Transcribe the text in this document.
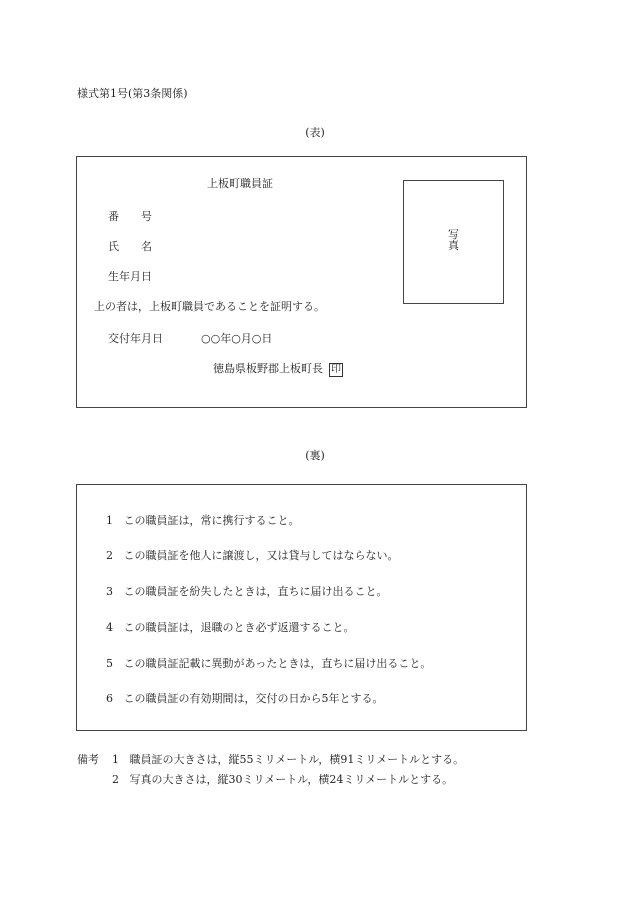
様式第1号(第3条関係)
(表)
上板町職員証
番　　号
氏　　名
生年月日
上の者は，上板町職員であることを証明する。
交付年月日	○○年○月○日
徳島県板野郡上板町長 印
写
真
(裏)
1 この職員証は，常に携行すること。
2 この職員証を他人に譲渡し，又は貸与してはならない。
3 この職員証を紛失したときは，直ちに届け出ること。
4 この職員証は，退職のとき必ず返還すること。
5 この職員証記載に異動があったときは，直ちに届け出ること。
6 この職員証の有効期間は，交付の日から5年とする。
備考 1 職員証の大きさは，縦55ミリメートル，横91ミリメートルとする。
2 写真の大きさは，縦30ミリメートル，横24ミリメートルとする。
